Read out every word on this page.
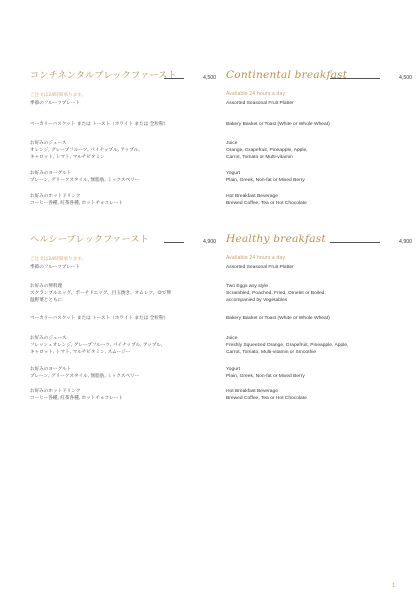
コンチネンタルブレックファースト	4,500
ご注文は24時間承ります。
季節のフルーツプレート
ベーカリーバスケット または トースト（ホワイト または 全粒粉）
お好みのジュース
オレンジ, グレープフルーツ, パイナップル, アップル,
キャロット, トマト, マルチビタミン
お好みのヨーグルト
プレーン, グリークスタイル, 無脂肪, ミックスベリー
お好みのホットドリンク
コーヒー各種, 紅茶各種, ホットチョコレート
ヘルシーブレックファースト	4,900
ご注文は24時間承ります。
季節のフルーツプレート
お好みの卵料理
スクランブルエッグ、ポーチドエッグ、目玉焼き、オムレツ、ゆで卵
温野菜とともに
ベーカリーバスケット または トースト（ホワイト または 全粒粉）
お好みのジュース
フレッシュオレンジ, グレープフルーツ, パイナップル, アップル,
キャロット, トマト, マルチビタミン, スムージー
お好みのヨーグルト
プレーン, グリークスタイル, 無脂肪, ミックスベリー
お好みのホットドリンク
コーヒー各種, 紅茶各種, ホットチョコレート
Continental breakfast	4,500
Available 24 hours a day
Assorted Seasonal Fruit Platter
Bakery Basket or Toast (White or Whole Wheat)
Juice
Orange, Grapefruit, Pineapple, Apple,
Carrot, Tomato or Multi-vitamin
Yogurt
Plain, Greek, Non-fat or Mixed Berry
Hot Breakfast Beverage
Brewed Coffee, Tea or Hot Chocolate
Healthy breakfast	4,900
Available 24 hours a day
Assorted Seasonal Fruit Platter
Two Eggs any style
Scrambled, Poached, Fried, Omelet or Boiled,
accompanied by Vegetables
Bakery Basket or Toast (White or Whole Wheat)
Juice
Freshly Squeezed Orange, Grapefruit, Pineapple, Apple,
Carrot, Tomato, Multi-vitamin or Smoothie
Yogurt
Plain, Greek, Non-fat or Mixed Berry
Hot Breakfast Beverage
Brewed Coffee, Tea or Hot Chocolate
1
